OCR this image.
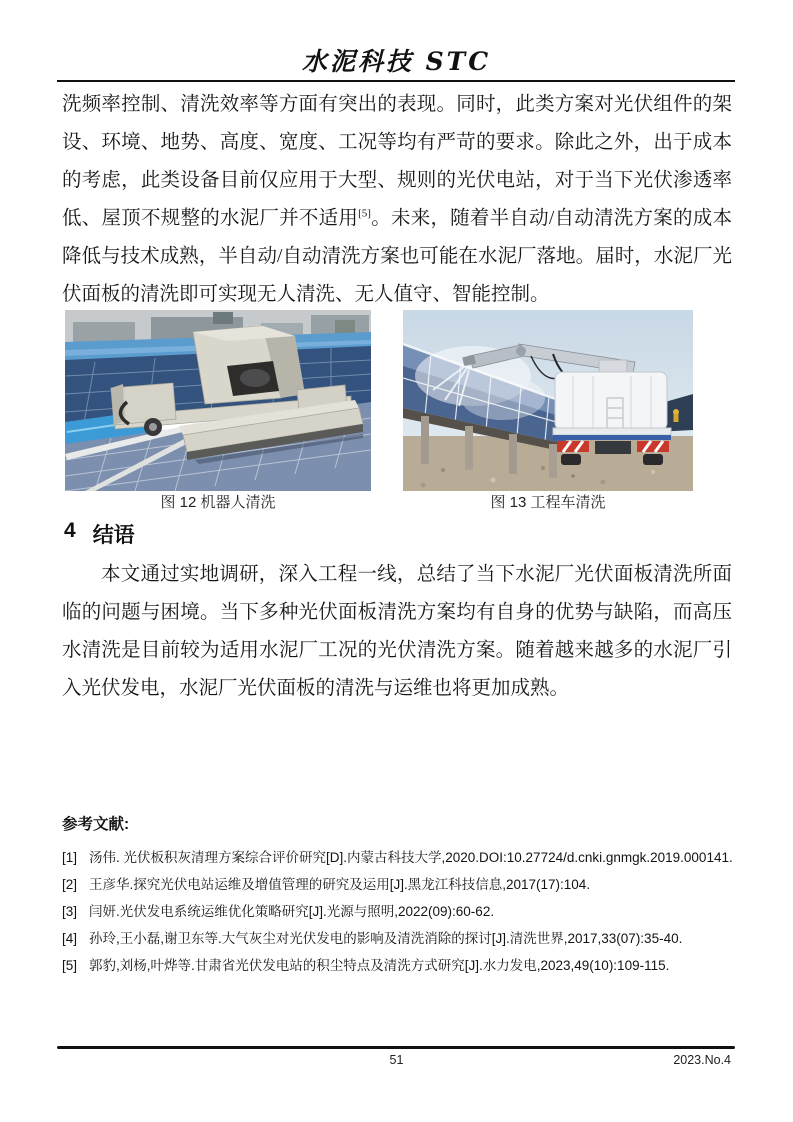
水泥科技 STC
洗频率控制、清洗效率等方面有突出的表现。同时，此类方案对光伏组件的架设、环境、地势、高度、宽度、工况等均有严苛的要求。除此之外，出于成本的考虑，此类设备目前仅应用于大型、规则的光伏电站，对于当下光伏渗透率低、屋顶不规整的水泥厂并不适用[5]。未来，随着半自动/自动清洗方案的成本降低与技术成熟，半自动/自动清洗方案也可能在水泥厂落地。届时，水泥厂光伏面板的清洗即可实现无人清洗、无人值守、智能控制。
图 12 机器人清洗	图 13 工程车清洗
4 结语
本文通过实地调研，深入工程一线，总结了当下水泥厂光伏面板清洗所面临的问题与困境。当下多种光伏面板清洗方案均有自身的优势与缺陷，而高压水清洗是目前较为适用水泥厂工况的光伏清洗方案。随着越来越多的水泥厂引入光伏发电，水泥厂光伏面板的清洗与运维也将更加成熟。

参考文献:

[1] 汤伟. 光伏板积灰清理方案综合评价研究[D].内蒙古科技大学,2020.DOI:10.27724/d.cnki.gnmgk.2019.000141.
[2] 王彦华.探究光伏电站运维及增值管理的研究及运用[J].黑龙江科技信息,2017(17):104.
[3] 闫妍.光伏发电系统运维优化策略研究[J].光源与照明,2022(09):60-62.
[4] 孙玲,王小磊,谢卫东等.大气灰尘对光伏发电的影响及清洗消除的探讨[J].清洗世界,2017,33(07):35-40.
[5] 郭豹,刘杨,叶烨等.甘肃省光伏发电站的积尘特点及清洗方式研究[J].水力发电,2023,49(10):109-115.
51	2023.No.4
